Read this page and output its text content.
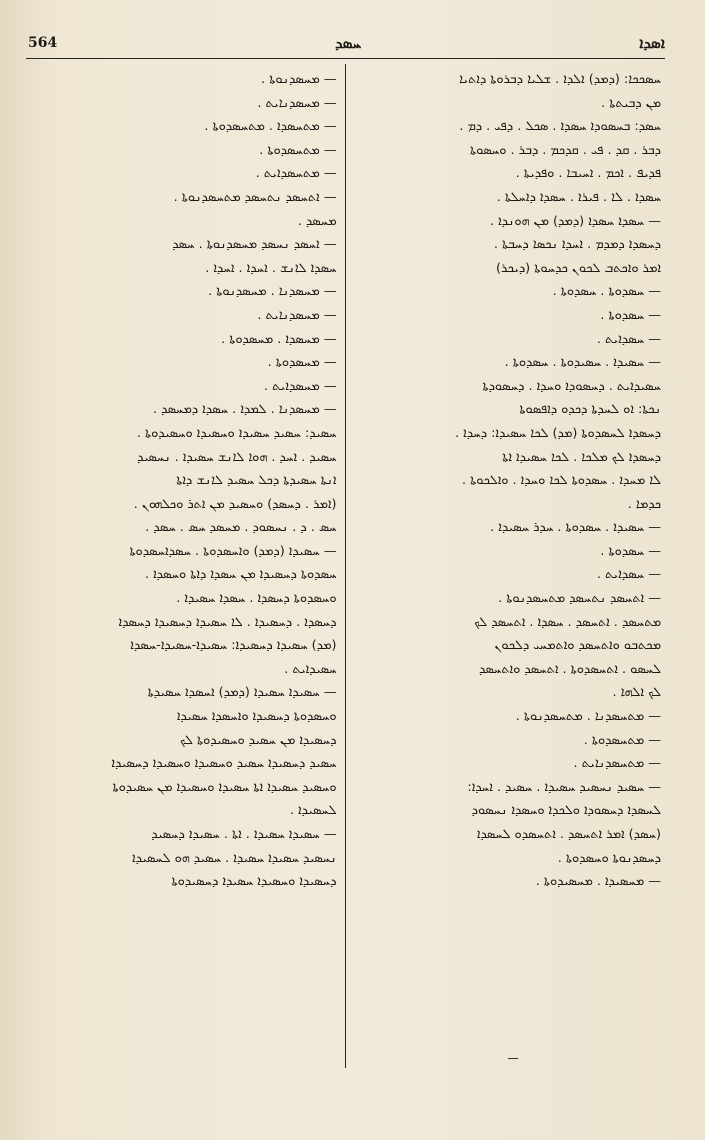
564	ܚܣܕ	ܐܣܕܐ

— ܡܚܣܕܢܘܬܐ .

— ܡܚܣܕܢܐܝܬ .

— ܡܬܚܣܕܐ . ܡܬܚܣܕܘܬܐ .

— ܡܬܚܣܕܘܬܐ .

— ܡܬܚܣܕܐܝܬ .

— ܐܬܚܣܕ ܢܬܚܣܕ ܡܬܚܣܕܢܘܬܐ .

ܡܚܣܕ .

— ܐܚܣܕ ܢܚܣܕ ܡܚܣܕܢܘܬܐ . ܚܣܕ

ܚܣܕܐ ܠܐܢܫ . ܐܚܕܐ . ܐܚܕܐ .

— ܡܚܣܕܢܐ . ܡܚܣܕܢܘܬܐ .

— ܡܚܣܕܢܐܝܬ .

— ܡܚܣܕܐ . ܡܚܣܕܘܬܐ .

— ܡܚܣܕܘܬܐ .

— ܡܚܣܕܐܝܬ .

— ܡܚܣܕܢܐ . ܠܡܕܐ . ܚܣܕܐ ܕܡܚܣܕ .

ܚܣܝܕ: ܚܣܝܕ ܚܣܝܕܐ ܘܚܣܝܕܐ ܘܚܣܝܕܘܬܐ .

ܚܣܝܕ . ܐܚܕ . ܗܘܐ ܠܐܢܫ ܚܣܝܕܐ . ܢܚܣܝܕ

ܐܢܬܐ ܚܣܝܕܬܐ ܕܟܠ ܚܣܝܕ ܠܐܢܫ ܕܐܬܐ

(ܐܡܪ . ܕܚܣܕ) ܘܚܣܝܕ ܡܢ ܐܬܪ ܘܟܠܗܘܢ .

ܚܣ . ܕ . ܢܚܣܘܕ . ܡܚܣܕ ܚܣ . ܚܣܕ .

— ܚܣܝܕܐ (ܕܡܕ) ܘܐܚܣܕܘܬܐ . ܚܣܕܐܚܣܕܘܬܐ

ܚܣܕܘܬܐ ܕܚܣܝܕܐ ܡܢ ܚܣܕܐ ܕܐܬܐ ܘܚܣܕܐ .

ܘܚܣܕܘܬܐ ܕܚܣܕܐ . ܚܣܕܐ ܚܣܝܕܐ .

ܕܚܣܕܐ . ܕܚܣܝܕܐ . ܠܐ ܚܣܝܕܐ ܕܚܣܝܕܐ ܕܚܣܕܐ

(ܡܕ) ܚܣܝܕܐ ܕܚܣܝܕܐ: ܚܣܝܕܐ-ܚܣܝܕܐ-ܚܣܕܐ

ܚܣܝܕܐܝܬ .

— ܚܣܝܕܐ ܚܣܝܕܐ (ܕܡܕ) ܐܚܣܕܐ ܚܣܝܕܬܐ

ܘܚܣܕܘܬܐ ܕܚܣܝܕܐ ܘܐܚܣܕܐ ܚܣܝܕܐ

ܕܚܣܝܕܐ ܡܢ ܚܣܝܕ ܘܚܣܝܕܘܬܐ ܠܟ

ܚܣܝܕ ܕܚܣܝܕܐ ܚܣܝܕ ܘܚܣܝܕܐ ܘܚܣܝܕܐ ܕܚܣܝܕܐ

ܘܚܣܝܕ ܚܣܝܕܐ ܐܬܐ ܚܣܝܕܐ ܘܚܣܝܕܐ ܡܢ ܚܣܝܕܘܬܐ

ܠܚܣܝܕܐ .

— ܚܣܝܕܐ ܚܣܝܕܐ . ܐܬܐ . ܚܣܝܕܐ ܕܚܣܝܕ

ܢܚܣܝܕ ܚܣܝܕܐ ܚܣܝܕܐ . ܚܣܝܕ ܗܘ ܠܚܣܝܕܐ

ܕܚܣܝܕܐ ܘܚܣܝܕܐ ܚܣܝܕܐ ܕܚܣܝܕܘܬܐ

ܚܣܟܟܐ: (ܕܡܕ) ܐܠܕܐ . ܫܠܝܐ ܕܒܪܘܬܐ ܕܐܬܝܐ

ܡܢ ܕܒܝܬܬܐ .

ܚܣܕ: ܒܚܣܘܕܐ ܚܣܕܐ . ܣܟܠ . ܕܦܝ . ܕܡ .

ܕܒܪ . ܩܕ . ܦܝ . ܩܕܟܡ . ܕܒܪ . ܘܚܣܘܬܐ

ܦܕܝܦ . ܐܟܡ . ܐܚܝܒܐ . ܘܦܕܝܬܐ .

ܚܣܕܐ . ܠܐ . ܦܝܪܐ . ܚܣܕܐ ܕܐܚܠܬܐ .

— ܚܣܕܐ ܚܣܕܐ (ܕܡܕ) ܡܢ ܗܘܢܕܐ .

ܕܚܣܕܐ ܕܡܕܡ . ܐܚܕܐ ܢܟܣܐ ܕܚܒܬܐ .

ܐܡܪ ܘܐܟܬܒ ܠܟܘܢ ܟܕܚܘܬܐ (ܕܝܟܪ)

— ܚܣܕܘܬܐ . ܚܣܕܘܬܐ .

— ܚܣܕܘܬܐ .

— ܚܣܕܐܝܬ .

— ܚܣܝܕܐ . ܚܣܝܕܘܬܐ . ܚܣܕܘܬܐ .

ܚܣܝܕܐܝܬ . ܕܚܣܘܕܐ ܘܚܕܐ . ܕܚܣܘܕܬܐ

ܢܟܬܐ: ܐܘ ܠܚܕܬܐ ܕܟܕܘ ܕܐܦܣܘܬܐ

ܕܚܣܕܐ ܠܚܣܕܘܬܐ (ܡܕ) ܠܟܐ ܚܣܝܕܐ: ܕܚܕܐ .

ܕܚܣܕܐ ܠܟ ܡܠܟܐ . ܠܟܐ ܚܣܝܕܐ ܐܬܐ

ܠܐ ܡܚܕܐ . ܚܣܕܘܬܐ ܠܟܐ ܘܚܕܐ . ܘܐܠܟܘܬܐ .

ܟܕܡܐ .

— ܚܣܝܕܐ . ܚܣܕܘܬܐ . ܚܕܪ ܚܣܝܕܐ .

— ܚܣܕܘܬܐ .

— ܚܣܕܐܝܬ .

— ܐܬܚܣܕ ܢܬܚܣܕ ܡܬܚܣܕܢܘܬܐ .

ܡܬܚܣܕ . ܐܬܚܣܕ . ܚܣܕܐ . ܐܬܚܣܕ ܠܟ

ܡܟܬܒܘ ܘܐܬܚܣܕ ܘܐܬܡܚܝ ܕܠܟܘܢ

ܠܚܣܘ . ܐܬܚܣܕܘܬܐ . ܐܬܚܣܕ ܘܐܬܚܣܕ

ܠܟ ܐܠܗܐ .

— ܡܬܚܣܕܢܐ . ܡܬܚܣܕܢܘܬܐ .

— ܡܬܚܣܕܘܬܐ .

— ܡܬܚܣܕܢܐܝܬ .

— ܚܣܝܕ ܢܚܣܝܕ ܚܣܝܕܐ . ܚܣܝܕ . ܐܚܕܐ:

ܠܚܣܕܐ ܕܚܣܘܕܐ ܘܠܟܕܐ ܘܚܣܕܐ ܢܚܣܘܕ

(ܚܣܕ) ܐܡܪ ܐܬܚܣܕ . ܐܬܚܣܕܘ ܠܚܣܕܐ

ܕܚܣܕܢܘܬܐ ܘܚܣܕܘܬܐ .

— ܡܚܣܝܕܐ . ܡܚܣܝܕܘܬܐ .
